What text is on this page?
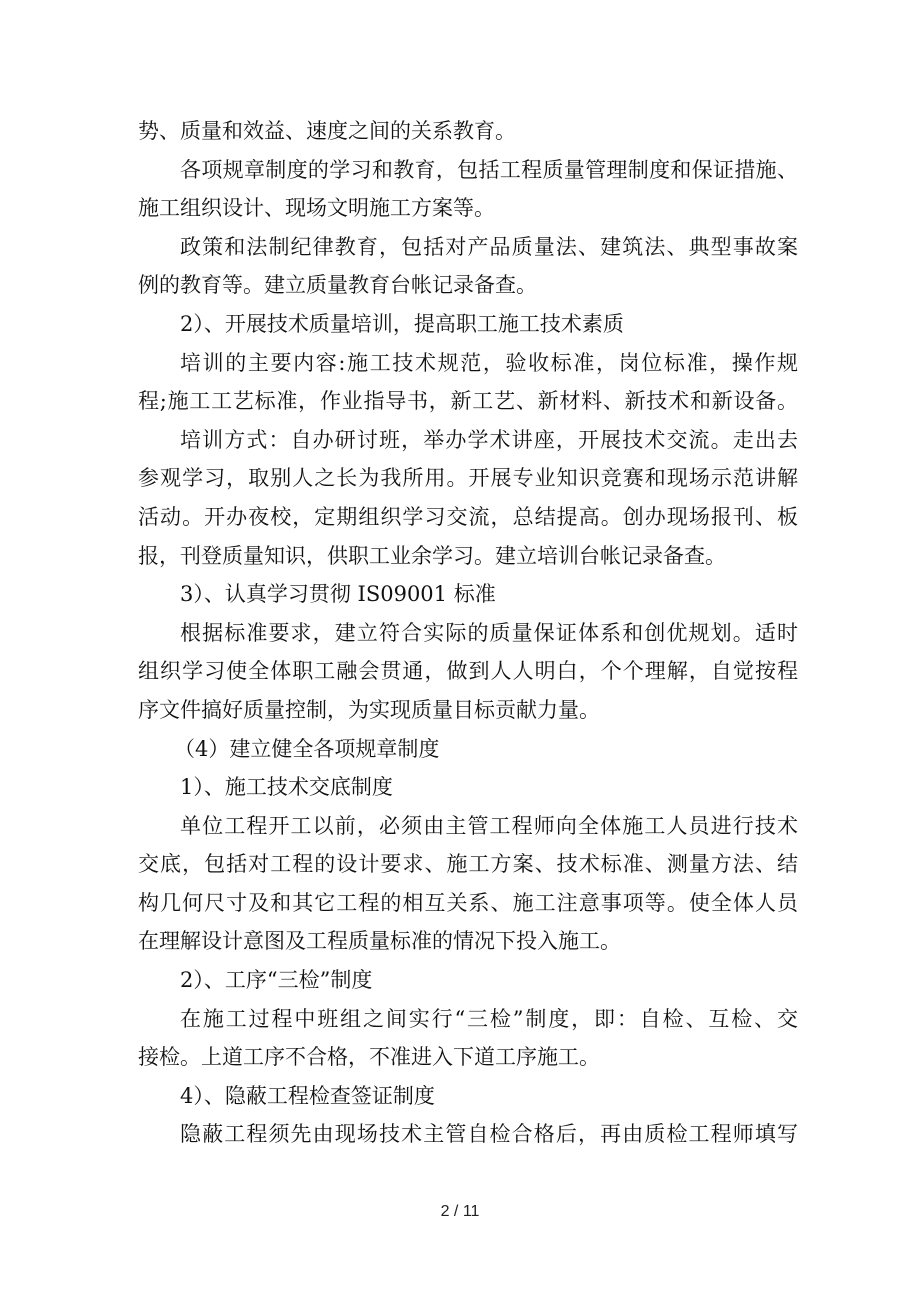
势、质量和效益、速度之间的关系教育。
各项规章制度的学习和教育，包括工程质量管理制度和保证措施、
施工组织设计、现场文明施工方案等。
政策和法制纪律教育，包括对产品质量法、建筑法、典型事故案
例的教育等。建立质量教育台帐记录备查。
2）、开展技术质量培训，提高职工施工技术素质
培训的主要内容:施工技术规范，验收标准，岗位标准，操作规
程;施工工艺标准，作业指导书，新工艺、新材料、新技术和新设备。
培训方式：自办研讨班，举办学术讲座，开展技术交流。走出去
参观学习，取别人之长为我所用。开展专业知识竞赛和现场示范讲解
活动。开办夜校，定期组织学习交流，总结提高。创办现场报刊、板
报，刊登质量知识，供职工业余学习。建立培训台帐记录备查。
3）、认真学习贯彻 IS09001 标准
根据标准要求，建立符合实际的质量保证体系和创优规划。适时
组织学习使全体职工融会贯通，做到人人明白，个个理解，自觉按程
序文件搞好质量控制，为实现质量目标贡献力量。
（4）建立健全各项规章制度
1）、施工技术交底制度
单位工程开工以前，必须由主管工程师向全体施工人员进行技术
交底，包括对工程的设计要求、施工方案、技术标准、测量方法、结
构几何尺寸及和其它工程的相互关系、施工注意事项等。使全体人员
在理解设计意图及工程质量标准的情况下投入施工。
2）、工序“三检”制度
在施工过程中班组之间实行“三检”制度，即：自检、互检、交
接检。上道工序不合格，不准进入下道工序施工。
4）、隐蔽工程检查签证制度
隐蔽工程须先由现场技术主管自检合格后，再由质检工程师填写
2 / 11
